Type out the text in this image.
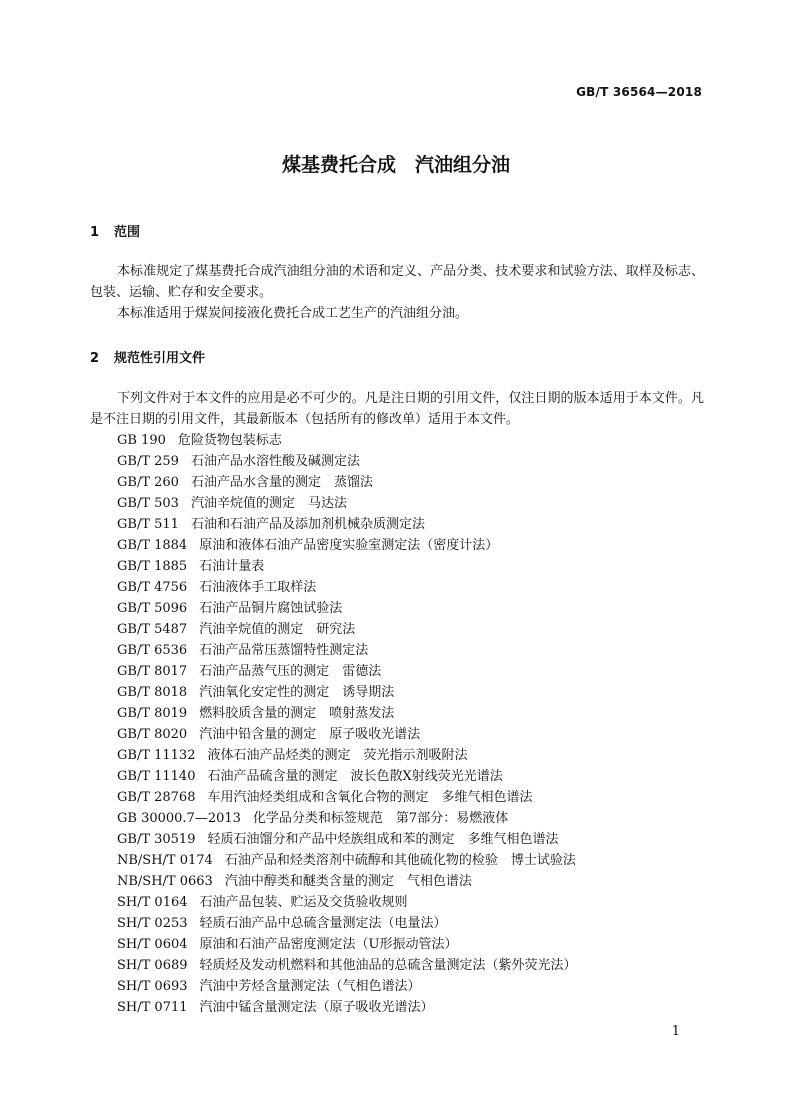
GB/T 36564—2018
煤基费托合成　汽油组分油
1 范围
本标准规定了煤基费托合成汽油组分油的术语和定义、产品分类、技术要求和试验方法、取样及标志、包装、运输、贮存和安全要求。
本标准适用于煤炭间接液化费托合成工艺生产的汽油组分油。
2 规范性引用文件
下列文件对于本文件的应用是必不可少的。凡是注日期的引用文件，仅注日期的版本适用于本文件。凡是不注日期的引用文件，其最新版本（包括所有的修改单）适用于本文件。
GB 190 危险货物包装标志
GB/T 259 石油产品水溶性酸及碱测定法
GB/T 260 石油产品水含量的测定　蒸馏法
GB/T 503 汽油辛烷值的测定　马达法
GB/T 511 石油和石油产品及添加剂机械杂质测定法
GB/T 1884 原油和液体石油产品密度实验室测定法（密度计法）
GB/T 1885 石油计量表
GB/T 4756 石油液体手工取样法
GB/T 5096 石油产品铜片腐蚀试验法
GB/T 5487 汽油辛烷值的测定　研究法
GB/T 6536 石油产品常压蒸馏特性测定法
GB/T 8017 石油产品蒸气压的测定　雷德法
GB/T 8018 汽油氧化安定性的测定　诱导期法
GB/T 8019 燃料胶质含量的测定　喷射蒸发法
GB/T 8020 汽油中铅含量的测定　原子吸收光谱法
GB/T 11132 液体石油产品烃类的测定　荧光指示剂吸附法
GB/T 11140 石油产品硫含量的测定　波长色散X射线荧光光谱法
GB/T 28768 车用汽油烃类组成和含氧化合物的测定　多维气相色谱法
GB 30000.7—2013 化学品分类和标签规范　第7部分：易燃液体
GB/T 30519 轻质石油馏分和产品中烃族组成和苯的测定　多维气相色谱法
NB/SH/T 0174 石油产品和烃类溶剂中硫醇和其他硫化物的检验　博士试验法
NB/SH/T 0663 汽油中醇类和醚类含量的测定　气相色谱法
SH/T 0164 石油产品包装、贮运及交货验收规则
SH/T 0253 轻质石油产品中总硫含量测定法（电量法）
SH/T 0604 原油和石油产品密度测定法（U形振动管法）
SH/T 0689 轻质烃及发动机燃料和其他油品的总硫含量测定法（紫外荧光法）
SH/T 0693 汽油中芳烃含量测定法（气相色谱法）
SH/T 0711 汽油中锰含量测定法（原子吸收光谱法）
1
